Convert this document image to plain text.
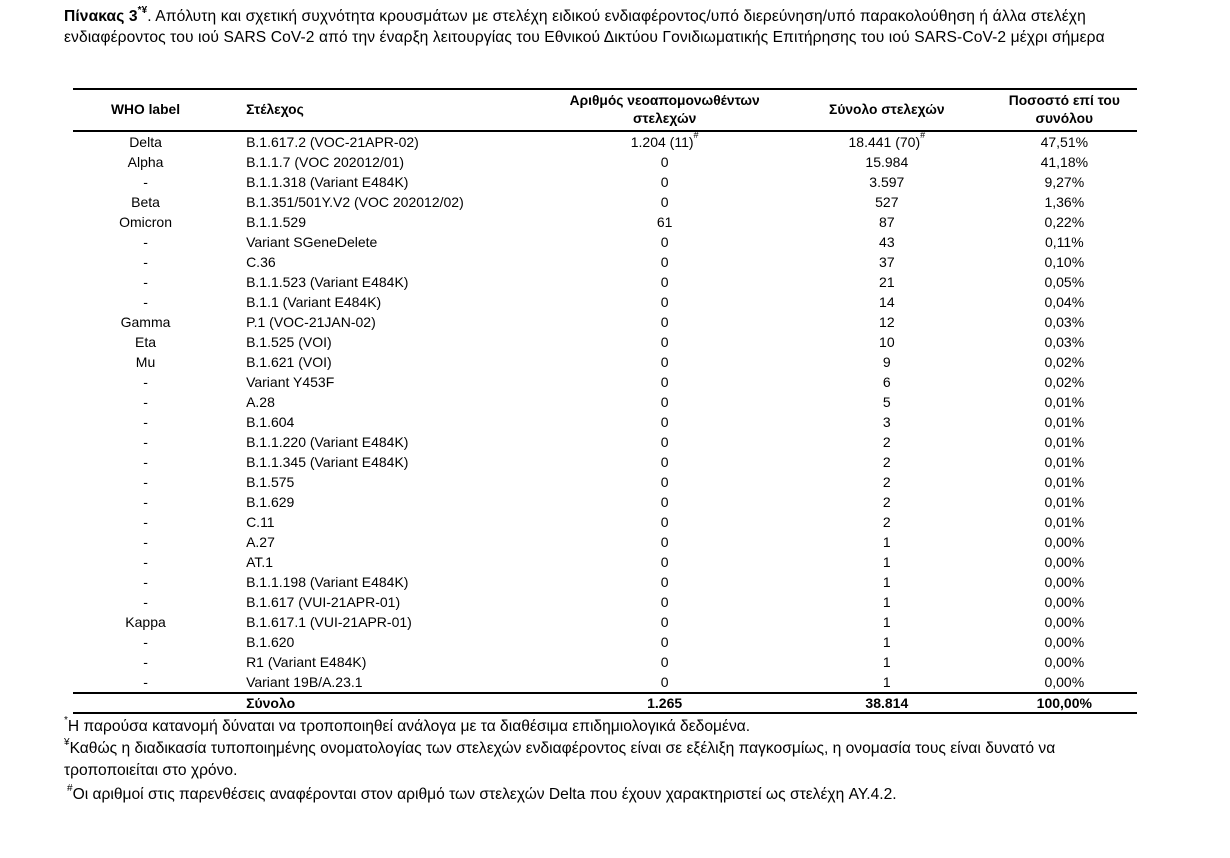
Πίνακας 3*¥. Απόλυτη και σχετική συχνότητα κρουσμάτων με στελέχη ειδικού ενδιαφέροντος/υπό διερεύνηση/υπό παρακολούθηση ή άλλα στελέχη ενδιαφέροντος του ιού SARS CoV-2 από την έναρξη λειτουργίας του Εθνικού Δικτύου Γονιδιωματικής Επιτήρησης του ιού SARS-CoV-2 μέχρι σήμερα
WHO label	Στέλεχος	Αριθμός νεοαπομονωθέντων στελεχών	Σύνολο στελεχών	Ποσοστό επί του συνόλου
Delta	B.1.617.2 (VOC-21APR-02)	1.204 (11)#	18.441 (70)#	47,51%
Alpha	B.1.1.7 (VOC 202012/01)	0	15.984	41,18%
-	B.1.1.318 (Variant E484K)	0	3.597	9,27%
Beta	B.1.351/501Y.V2 (VOC 202012/02)	0	527	1,36%
Omicron	B.1.1.529	61	87	0,22%
-	Variant SGeneDelete	0	43	0,11%
-	C.36	0	37	0,10%
-	B.1.1.523 (Variant E484K)	0	21	0,05%
-	B.1.1 (Variant E484K)	0	14	0,04%
Gamma	P.1 (VOC-21JAN-02)	0	12	0,03%
Eta	B.1.525 (VOI)	0	10	0,03%
Mu	B.1.621 (VOI)	0	9	0,02%
-	Variant Y453F	0	6	0,02%
-	A.28	0	5	0,01%
-	B.1.604	0	3	0,01%
-	B.1.1.220 (Variant E484K)	0	2	0,01%
-	B.1.1.345 (Variant E484K)	0	2	0,01%
-	B.1.575	0	2	0,01%
-	B.1.629	0	2	0,01%
-	C.11	0	2	0,01%
-	A.27	0	1	0,00%
-	AT.1	0	1	0,00%
-	B.1.1.198 (Variant E484K)	0	1	0,00%
-	B.1.617 (VUI-21APR-01)	0	1	0,00%
Kappa	B.1.617.1 (VUI-21APR-01)	0	1	0,00%
-	B.1.620	0	1	0,00%
-	R1 (Variant E484K)	0	1	0,00%
-	Variant 19B/A.23.1	0	1	0,00%
	Σύνολο	1.265	38.814	100,00%

*Η παρούσα κατανομή δύναται να τροποποιηθεί ανάλογα με τα διαθέσιμα επιδημιολογικά δεδομένα.

¥Καθώς η διαδικασία τυποποιημένης ονοματολογίας των στελεχών ενδιαφέροντος είναι σε εξέλιξη παγκοσμίως, η ονομασία τους είναι δυνατό να τροποποιείται στο χρόνο.

#Οι αριθμοί στις παρενθέσεις αναφέρονται στον αριθμό των στελεχών Delta που έχουν χαρακτηριστεί ως στελέχη AY.4.2.
